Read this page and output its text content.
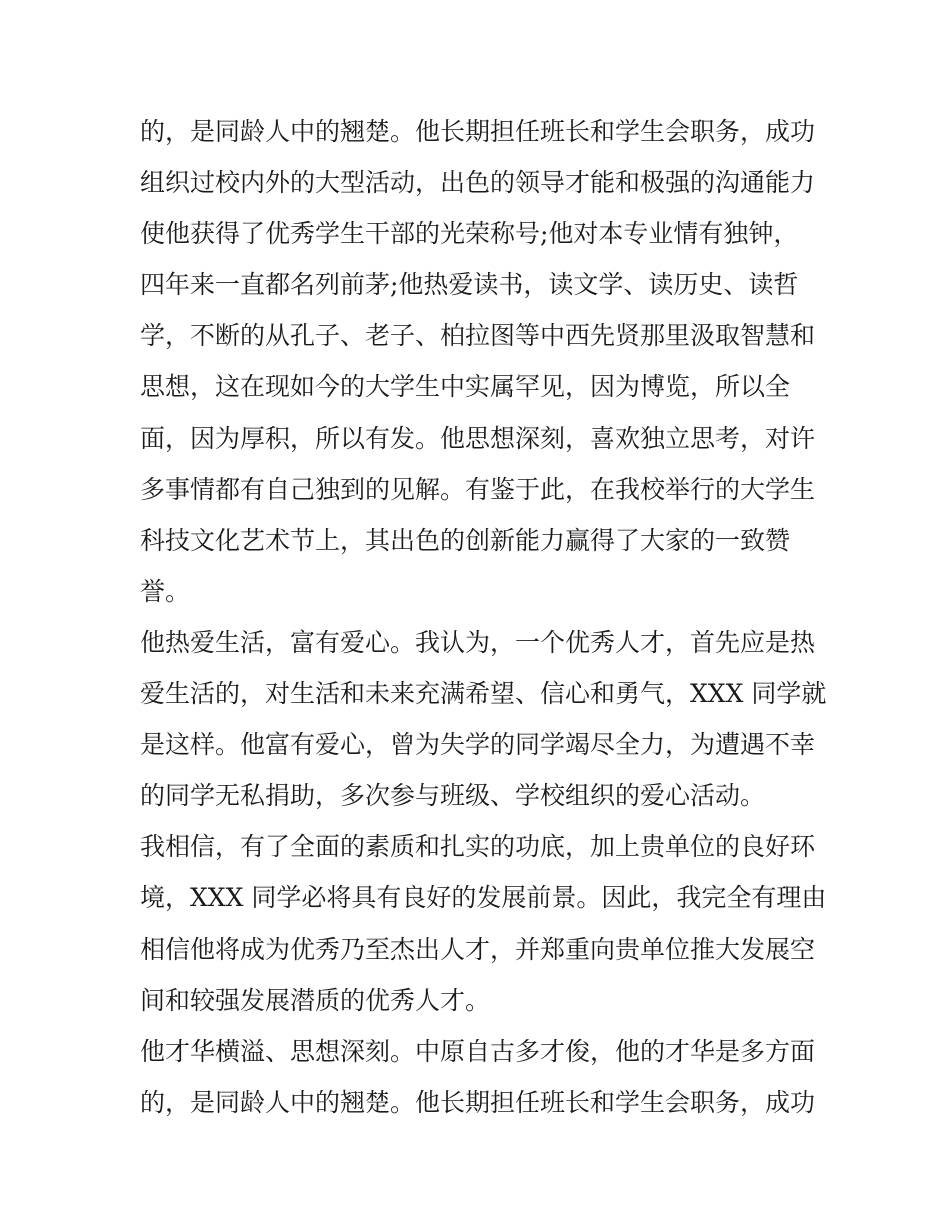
的，是同龄人中的翘楚。他长期担任班长和学生会职务，成功
组织过校内外的大型活动，出色的领导才能和极强的沟通能力
使他获得了优秀学生干部的光荣称号;他对本专业情有独钟，
四年来一直都名列前茅;他热爱读书，读文学、读历史、读哲
学，不断的从孔子、老子、柏拉图等中西先贤那里汲取智慧和
思想，这在现如今的大学生中实属罕见，因为博览，所以全
面，因为厚积，所以有发。他思想深刻，喜欢独立思考，对许
多事情都有自己独到的见解。有鉴于此，在我校举行的大学生
科技文化艺术节上，其出色的创新能力赢得了大家的一致赞
誉。
他热爱生活，富有爱心。我认为，一个优秀人才，首先应是热
爱生活的，对生活和未来充满希望、信心和勇气，XXX 同学就
是这样。他富有爱心，曾为失学的同学竭尽全力，为遭遇不幸
的同学无私捐助，多次参与班级、学校组织的爱心活动。
我相信，有了全面的素质和扎实的功底，加上贵单位的良好环
境，XXX 同学必将具有良好的发展前景。因此，我完全有理由
相信他将成为优秀乃至杰出人才，并郑重向贵单位推大发展空
间和较强发展潜质的优秀人才。
他才华横溢、思想深刻。中原自古多才俊，他的才华是多方面
的，是同龄人中的翘楚。他长期担任班长和学生会职务，成功
